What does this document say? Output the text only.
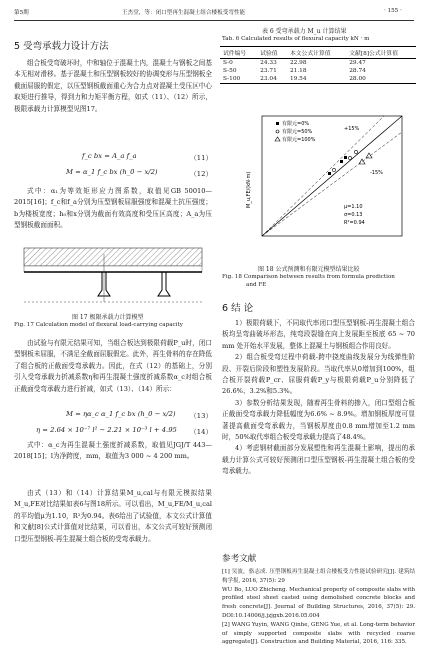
第5期	王杰堂，等：闭口型再生混凝土组合楼板受弯性能	· 155 ·
5 受弯承载力设计方法
组合板受弯破坏时，中和轴位于混凝土内，混凝土与钢板之间基本无相对滑移。基于混凝土和压型钢板较好的协调变形与压型钢板全截面屈服的假定，以压型钢板截面重心为合力点对混凝土受压区中心取矩进行推导，得到力和力矩平衡方程，如式（11）、（12）所示，极限承载力计算模型见图17。
f_c bx = A_a f_a	（11）
M = α_1 f_c bx (h_0 − x/2)	（12）
式中：α₁为等效矩形应力图系数，取值见GB 50010—2015[16]；f_c和f_a分别为压型钢板屈服强度和混凝土抗压强度；b为楼板宽度；h₀和x分别为截面有效高度和受压区高度；A_a为压型钢板截面面积。
图 17 极限承载力计算模型
Fig. 17 Calculation model of flexural load-carrying capacity
由试验与有限元结果可知，当组合板达到极限荷载P_u时，闭口型钢板未屈服，不满足全截面屈服假定。此外，再生骨料的存在降低了组合板的正截面受弯承载力。因此，在式（12）的基础上，分别引入受弯承载力折减系数η和再生混凝土强度折减系数α_c对组合板正截面受弯承载力进行折减，如式（13）、（14）所示：
M = ηα_c α_1 f_c bx (h_0 − x/2) （13）
η = 2.64 × 10⁻⁷ l² − 2.21 × 10⁻³ l + 4.95 （14）
式中：α_c为再生混凝土强度折减系数，取值见JGJ/T 443—2018[15]；l为净跨度，mm，取值为3 000 ~ 4 200 mm。
由式（13）和（14）计算结果M_u,cal与有限元模拟结果M_u,FE对比结果如表6与图18所示。可以看出，M_u,FE/M_u,cal的平均值μ为1.10，R²为0.94。表6给出了试验值，本文公式计算值和文献[8]公式计算值对比结果，可以看出，本文公式可较好预测闭口型压型钢板-再生混凝土组合板的受弯承载力。
表 6 受弯承载力 M_u 计算结果
Tab. 6 Calculated results of flexural capacity kN · m
试件编号	试验值	本文公式计算值	文献[8]公式计算值
S-0	24.33	22.98	29.47
S-50	23.71	21.18	28.74
S-100	23.04	19.54	28.00
有限元=0%
有限元=50%
有限元=100%
+15%
-15%
μ=1.10
σ=0.13
R²=0.94
M_u,FE/(kN·m)
图 18 公式预测和有限元模型结果比较
Fig. 18 Comparison between results from formula prediction
and FE
6 结 论
1）极限荷载下，不同取代率闭口型压型钢板-再生混凝土组合板均呈弯曲破坏形态，纯弯段裂缝在向上发展距至板底 65 ~ 70 mm 处开始水平发展，整体上混凝土与钢板组合作用良好。
2）组合板受弯过程中荷载-跨中挠度曲线发展分为线弹性阶段、开裂后阶段和塑性发展阶段。当取代率从0增加到100%，组合板开裂荷载P_cr、屈服荷载P_y与极限荷载P_u分别降低了26.6%、3.2%和5.3%。
3）参数分析结果发现，随着再生骨料的掺入，闭口型组合板正截面受弯承载力降低幅度为6.6% ~ 8.9%。增加钢板厚度可显著提高截面受弯承载力，当钢板厚度由0.8 mm增加至1.2 mm时，50%取代率组合板受弯承载力提高了48.4%。
4）考虑钢材截面部分发展塑性和再生混凝土影响，提出的承载力计算公式可较好预测闭口型压型钢板-再生混凝土组合板的受弯承载力。
参考文献
[1] 吴波，骆志成. 压型钢板再生混凝土组合楼板受力性能试验研究[J]. 建筑结构学报, 2016, 37(5): 29
WU Bo, LUO Zhicheng. Mechanical property of composite slabs with profiled steel sheet casted using demolished concrete blocks and fresh concrete[J]. Journal of Building Structures, 2016, 37(5): 29. DOI:10.14006/j.jzjgxb.2016.05.004
[2] WANG Yuyin, WANG Qinhe, GENG Yue, et al. Long-term behavior of simply supported composite slabs with recycled coarse aggregate[J]. Construction and Building Material, 2016, 116: 335.
